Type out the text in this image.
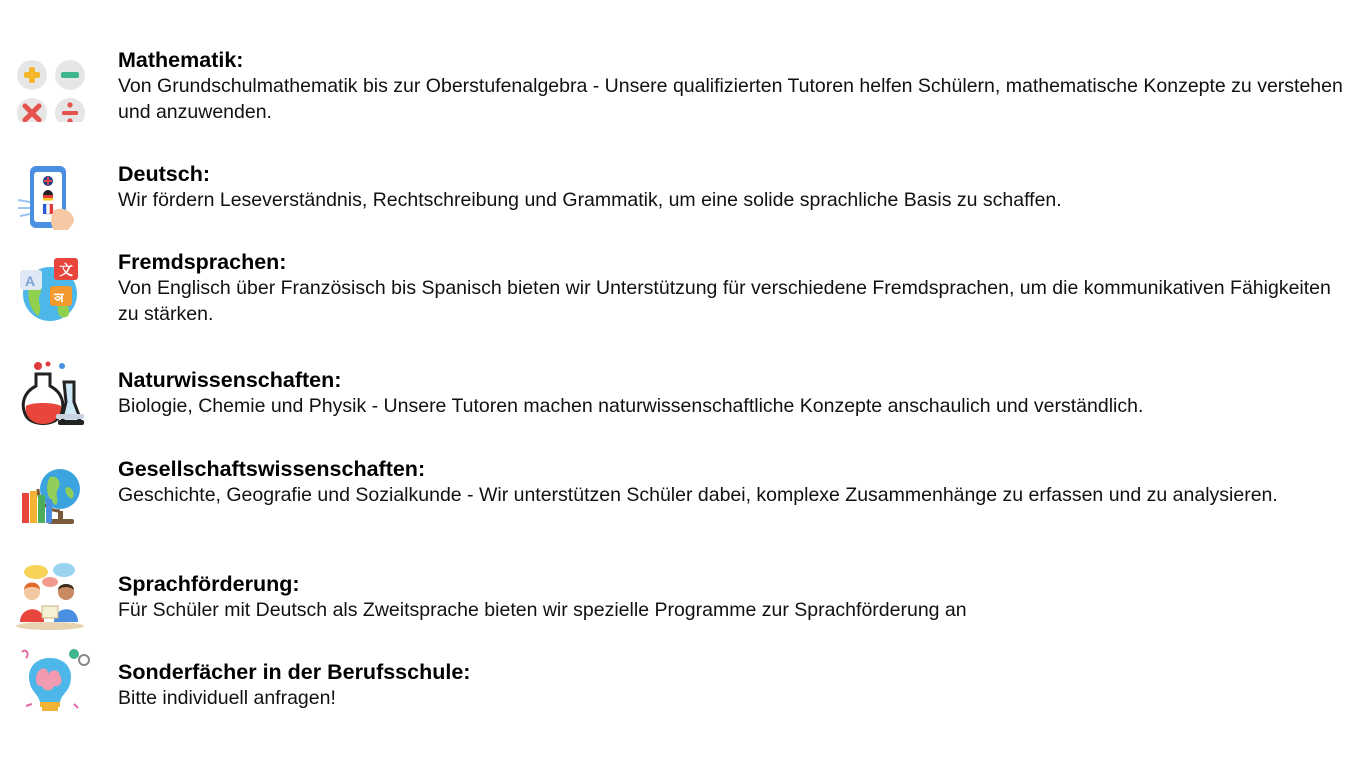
Mathematik:

Von Grundschulmathematik bis zur Oberstufenalgebra - Unsere qualifizierten Tutoren helfen Schülern, mathematische Konzepte zu verstehen und anzuwenden.

Deutsch:

Wir fördern Leseverständnis, Rechtschreibung und Grammatik, um eine solide sprachliche Basis zu schaffen.

A
文
ञ

Fremdsprachen:

Von Englisch über Französisch bis Spanisch bieten wir Unterstützung für verschiedene Fremdsprachen, um die kommunikativen Fähigkeiten zu stärken.

Naturwissenschaften:

Biologie, Chemie und Physik - Unsere Tutoren machen naturwissenschaftliche Konzepte anschaulich und verständlich.

Gesellschaftswissenschaften:

Geschichte, Geografie und Sozialkunde - Wir unterstützen Schüler dabei, komplexe Zusammenhänge zu erfassen und zu analysieren.

Sprachförderung:

Für Schüler mit Deutsch als Zweitsprache bieten wir spezielle Programme zur Sprachförderung an

Sonderfächer in der Berufsschule:

Bitte individuell anfragen!
